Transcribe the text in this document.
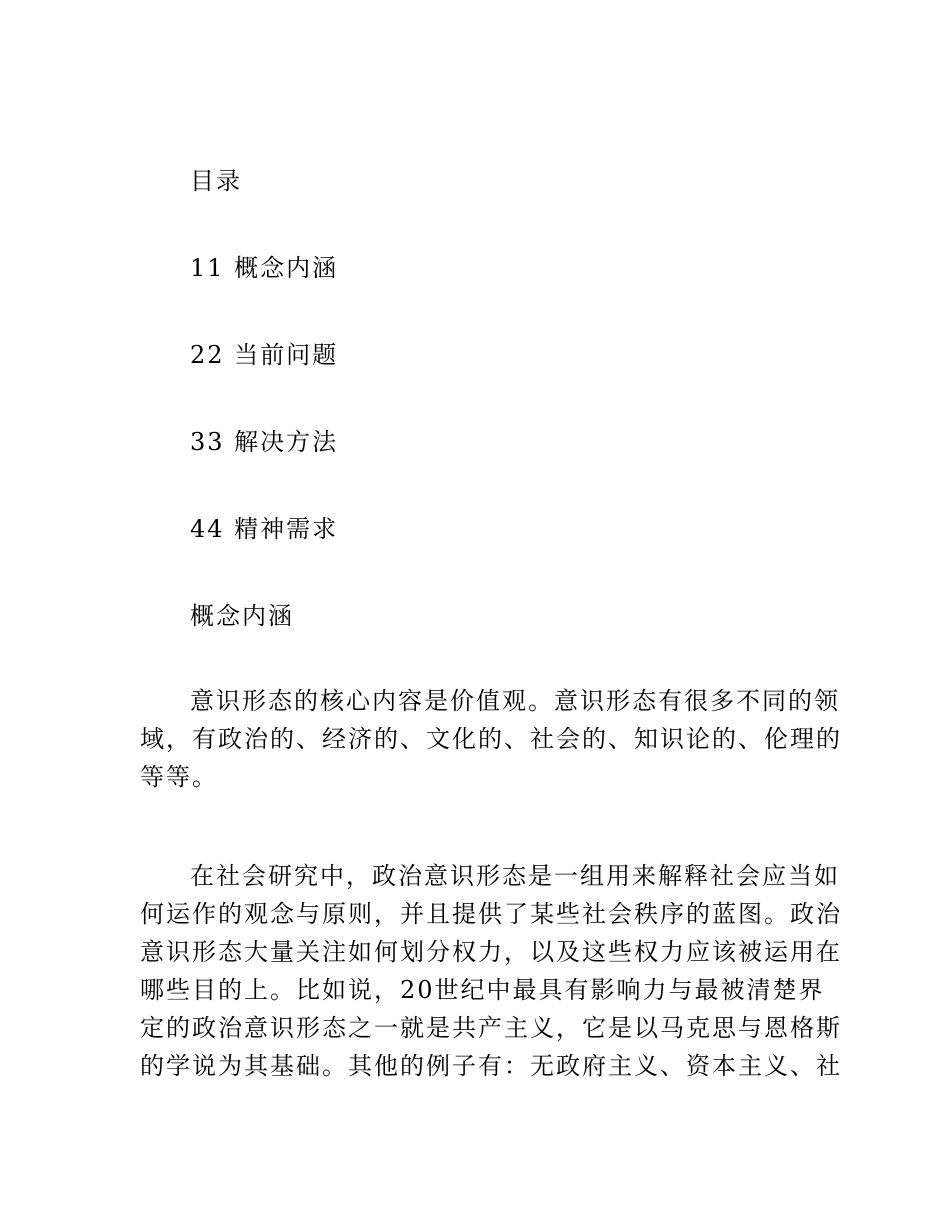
目录
11 概念内涵
22 当前问题
33 解决方法
44 精神需求
概念内涵

意识形态的核心内容是价值观。意识形态有很多不同的领
域，有政治的、经济的、文化的、社会的、知识论的、伦理的
等等。

在社会研究中，政治意识形态是一组用来解释社会应当如
何运作的观念与原则，并且提供了某些社会秩序的蓝图。政治
意识形态大量关注如何划分权力，以及这些权力应该被运用在
哪些目的上。比如说，20世纪中最具有影响力与最被清楚界
定的政治意识形态之一就是共产主义，它是以马克思与恩格斯
的学说为其基础。其他的例子有：无政府主义、资本主义、社
